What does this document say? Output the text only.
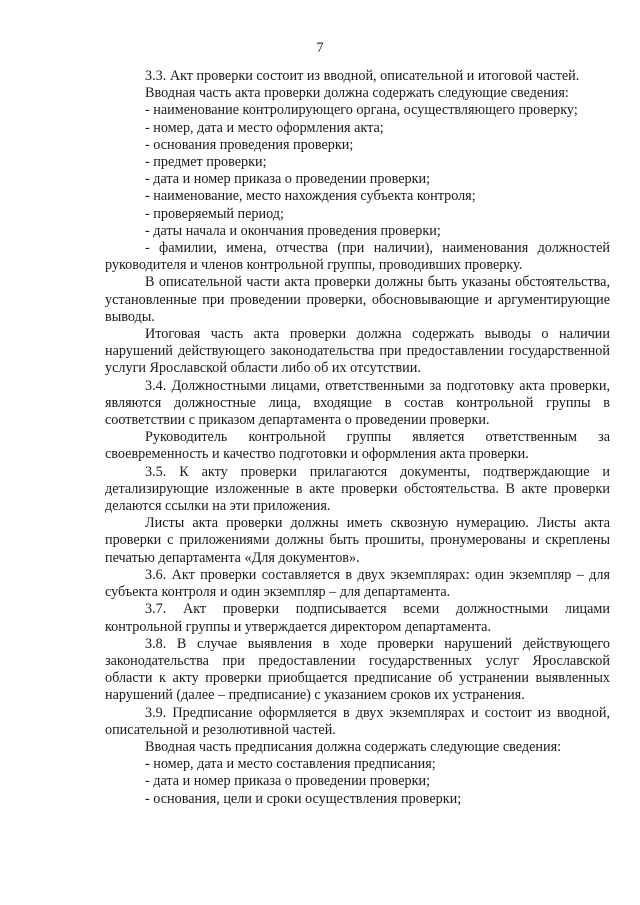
7

3.3. Акт проверки состоит из вводной, описательной и итоговой частей.

Вводная часть акта проверки должна содержать следующие сведения:

- наименование контролирующего органа, осуществляющего проверку;

- номер, дата и место оформления акта;

- основания проведения проверки;

- предмет проверки;

- дата и номер приказа о проведении проверки;

- наименование, место нахождения субъекта контроля;

- проверяемый период;

- даты начала и окончания проведения проверки;

- фамилии, имена, отчества (при наличии), наименования должностей руководителя и членов контрольной группы, проводивших проверку.

В описательной части акта проверки должны быть указаны обстоятельства, установленные при проведении проверки, обосновывающие и аргументирующие выводы.

Итоговая часть акта проверки должна содержать выводы о наличии нарушений действующего законодательства при предоставлении государственной услуги Ярославской области либо об их отсутствии.

3.4. Должностными лицами, ответственными за подготовку акта проверки, являются должностные лица, входящие в состав контрольной группы в соответствии с приказом департамента о проведении проверки.

Руководитель контрольной группы является ответственным за своевременность и качество подготовки и оформления акта проверки.

3.5. К акту проверки прилагаются документы, подтверждающие и детализирующие изложенные в акте проверки обстоятельства. В акте проверки делаются ссылки на эти приложения.

Листы акта проверки должны иметь сквозную нумерацию. Листы акта проверки с приложениями должны быть прошиты, пронумерованы и скреплены печатью департамента «Для документов».

3.6. Акт проверки составляется в двух экземплярах: один экземпляр – для субъекта контроля и один экземпляр – для департамента.

3.7. Акт проверки подписывается всеми должностными лицами контрольной группы и утверждается директором департамента.

3.8. В случае выявления в ходе проверки нарушений действующего законодательства при предоставлении государственных услуг Ярославской области к акту проверки приобщается предписание об устранении выявленных нарушений (далее – предписание) с указанием сроков их устранения.

3.9. Предписание оформляется в двух экземплярах и состоит из вводной, описательной и резолютивной частей.

Вводная часть предписания должна содержать следующие сведения:

- номер, дата и место составления предписания;

- дата и номер приказа о проведении проверки;

- основания, цели и сроки осуществления проверки;
